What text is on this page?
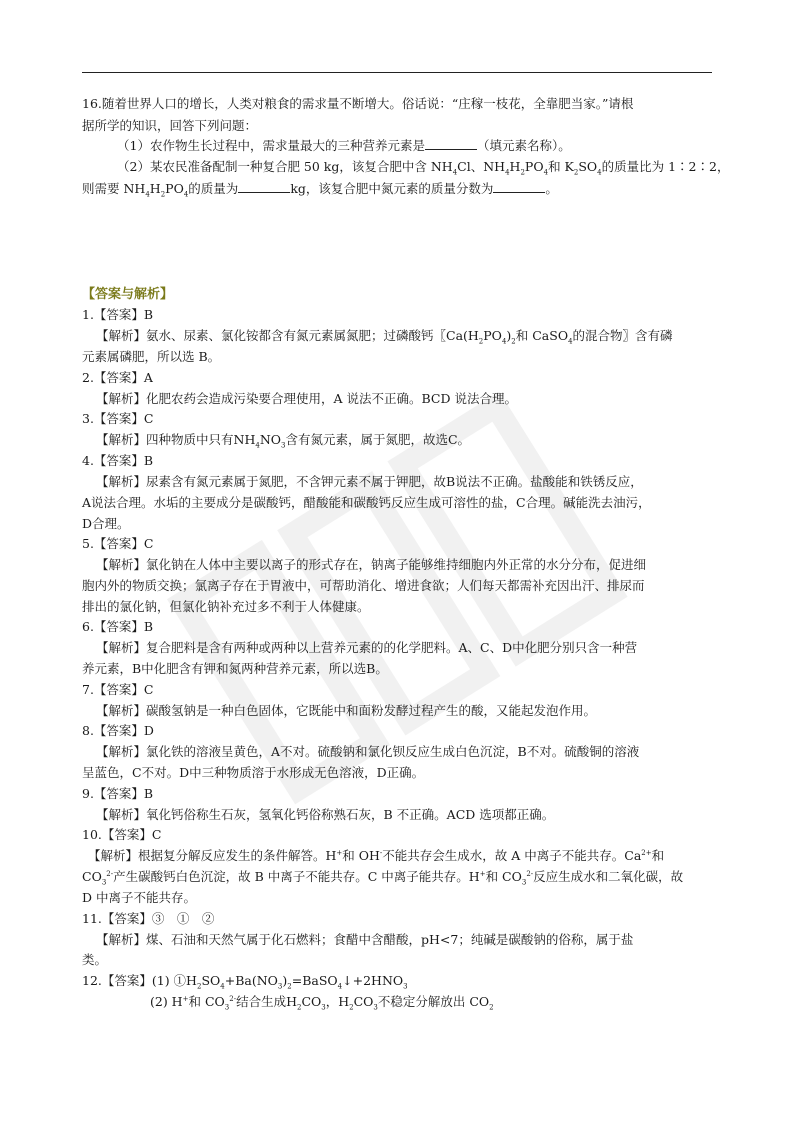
16.随着世界人口的增长，人类对粮食的需求量不断增大。俗话说：“庄稼一枝花，全靠肥当家。”请根
据所学的知识，回答下列问题：
（1）农作物生长过程中，需求量最大的三种营养元素是	（填元素名称）。
（2）某农民准备配制一种复合肥 50 kg，该复合肥中含 $NH_4Cl$、$NH_4H_2PO_4$和 $K_2SO_4$的质量比为 1∶2∶2，
则需要 $NH_4H_2PO_4$的质量为	kg，该复合肥中氮元素的质量分数为	。
【答案与解析】
1.【答案】B
【解析】氨水、尿素、氯化铵都含有氮元素属氮肥；过磷酸钙〖$Ca(H_2PO_4)_2$和 CaSO$_4$的混合物〗含有磷
元素属磷肥，所以选 B。
2.【答案】A
【解析】化肥农药会造成污染要合理使用，A 说法不正确。BCD 说法合理。
3.【答案】C
【解析】四种物质中只有$NH_4NO_3$含有氮元素，属于氮肥，故选C。
4.【答案】B
【解析】尿素含有氮元素属于氮肥，不含钾元素不属于钾肥，故B说法不正确。盐酸能和铁锈反应，
A说法合理。水垢的主要成分是碳酸钙，醋酸能和碳酸钙反应生成可溶性的盐，C合理。碱能洗去油污，
D合理。
5.【答案】C
【解析】氯化钠在人体中主要以离子的形式存在，钠离子能够维持细胞内外正常的水分分布，促进细
胞内外的物质交换；氯离子存在于胃液中，可帮助消化、增进食欲；人们每天都需补充因出汗、排尿而
排出的氯化钠，但氯化钠补充过多不利于人体健康。
6.【答案】B
【解析】复合肥料是含有两种或两种以上营养元素的的化学肥料。A、C、D中化肥分别只含一种营
养元素，B中化肥含有钾和氮两种营养元素，所以选B。
7.【答案】C
【解析】碳酸氢钠是一种白色固体，它既能中和面粉发酵过程产生的酸，又能起发泡作用。
8.【答案】D
【解析】氯化铁的溶液呈黄色，A不对。硫酸钠和氯化钡反应生成白色沉淀，B不对。硫酸铜的溶液
呈蓝色，C不对。D中三种物质溶于水形成无色溶液，D正确。
9.【答案】B
【解析】氧化钙俗称生石灰，氢氧化钙俗称熟石灰，B 不正确。ACD 选项都正确。
10.【答案】C
【解析】根据复分解反应发生的条件解答。H+和 OH-不能共存会生成水，故 A 中离子不能共存。$Ca^{2+}$和
$CO_3^{2-}$产生碳酸钙白色沉淀，故 B 中离子不能共存。C 中离子能共存。H+和 $CO_3^{2-}$反应生成水和二氧化碳，故
D 中离子不能共存。
11.【答案】③　①　②
【解析】煤、石油和天然气属于化石燃料；食醋中含醋酸，pH<7；纯碱是碳酸钠的俗称，属于盐
类。
12.【答案】(1) $①H_2SO_4+Ba(NO_3)_2=BaSO_4↓+2HNO_3$
(2) H+和 $CO_3^{2-}$结合生成$H_2CO_3$，$H_2CO_3$不稳定分解放出 $CO_2$
